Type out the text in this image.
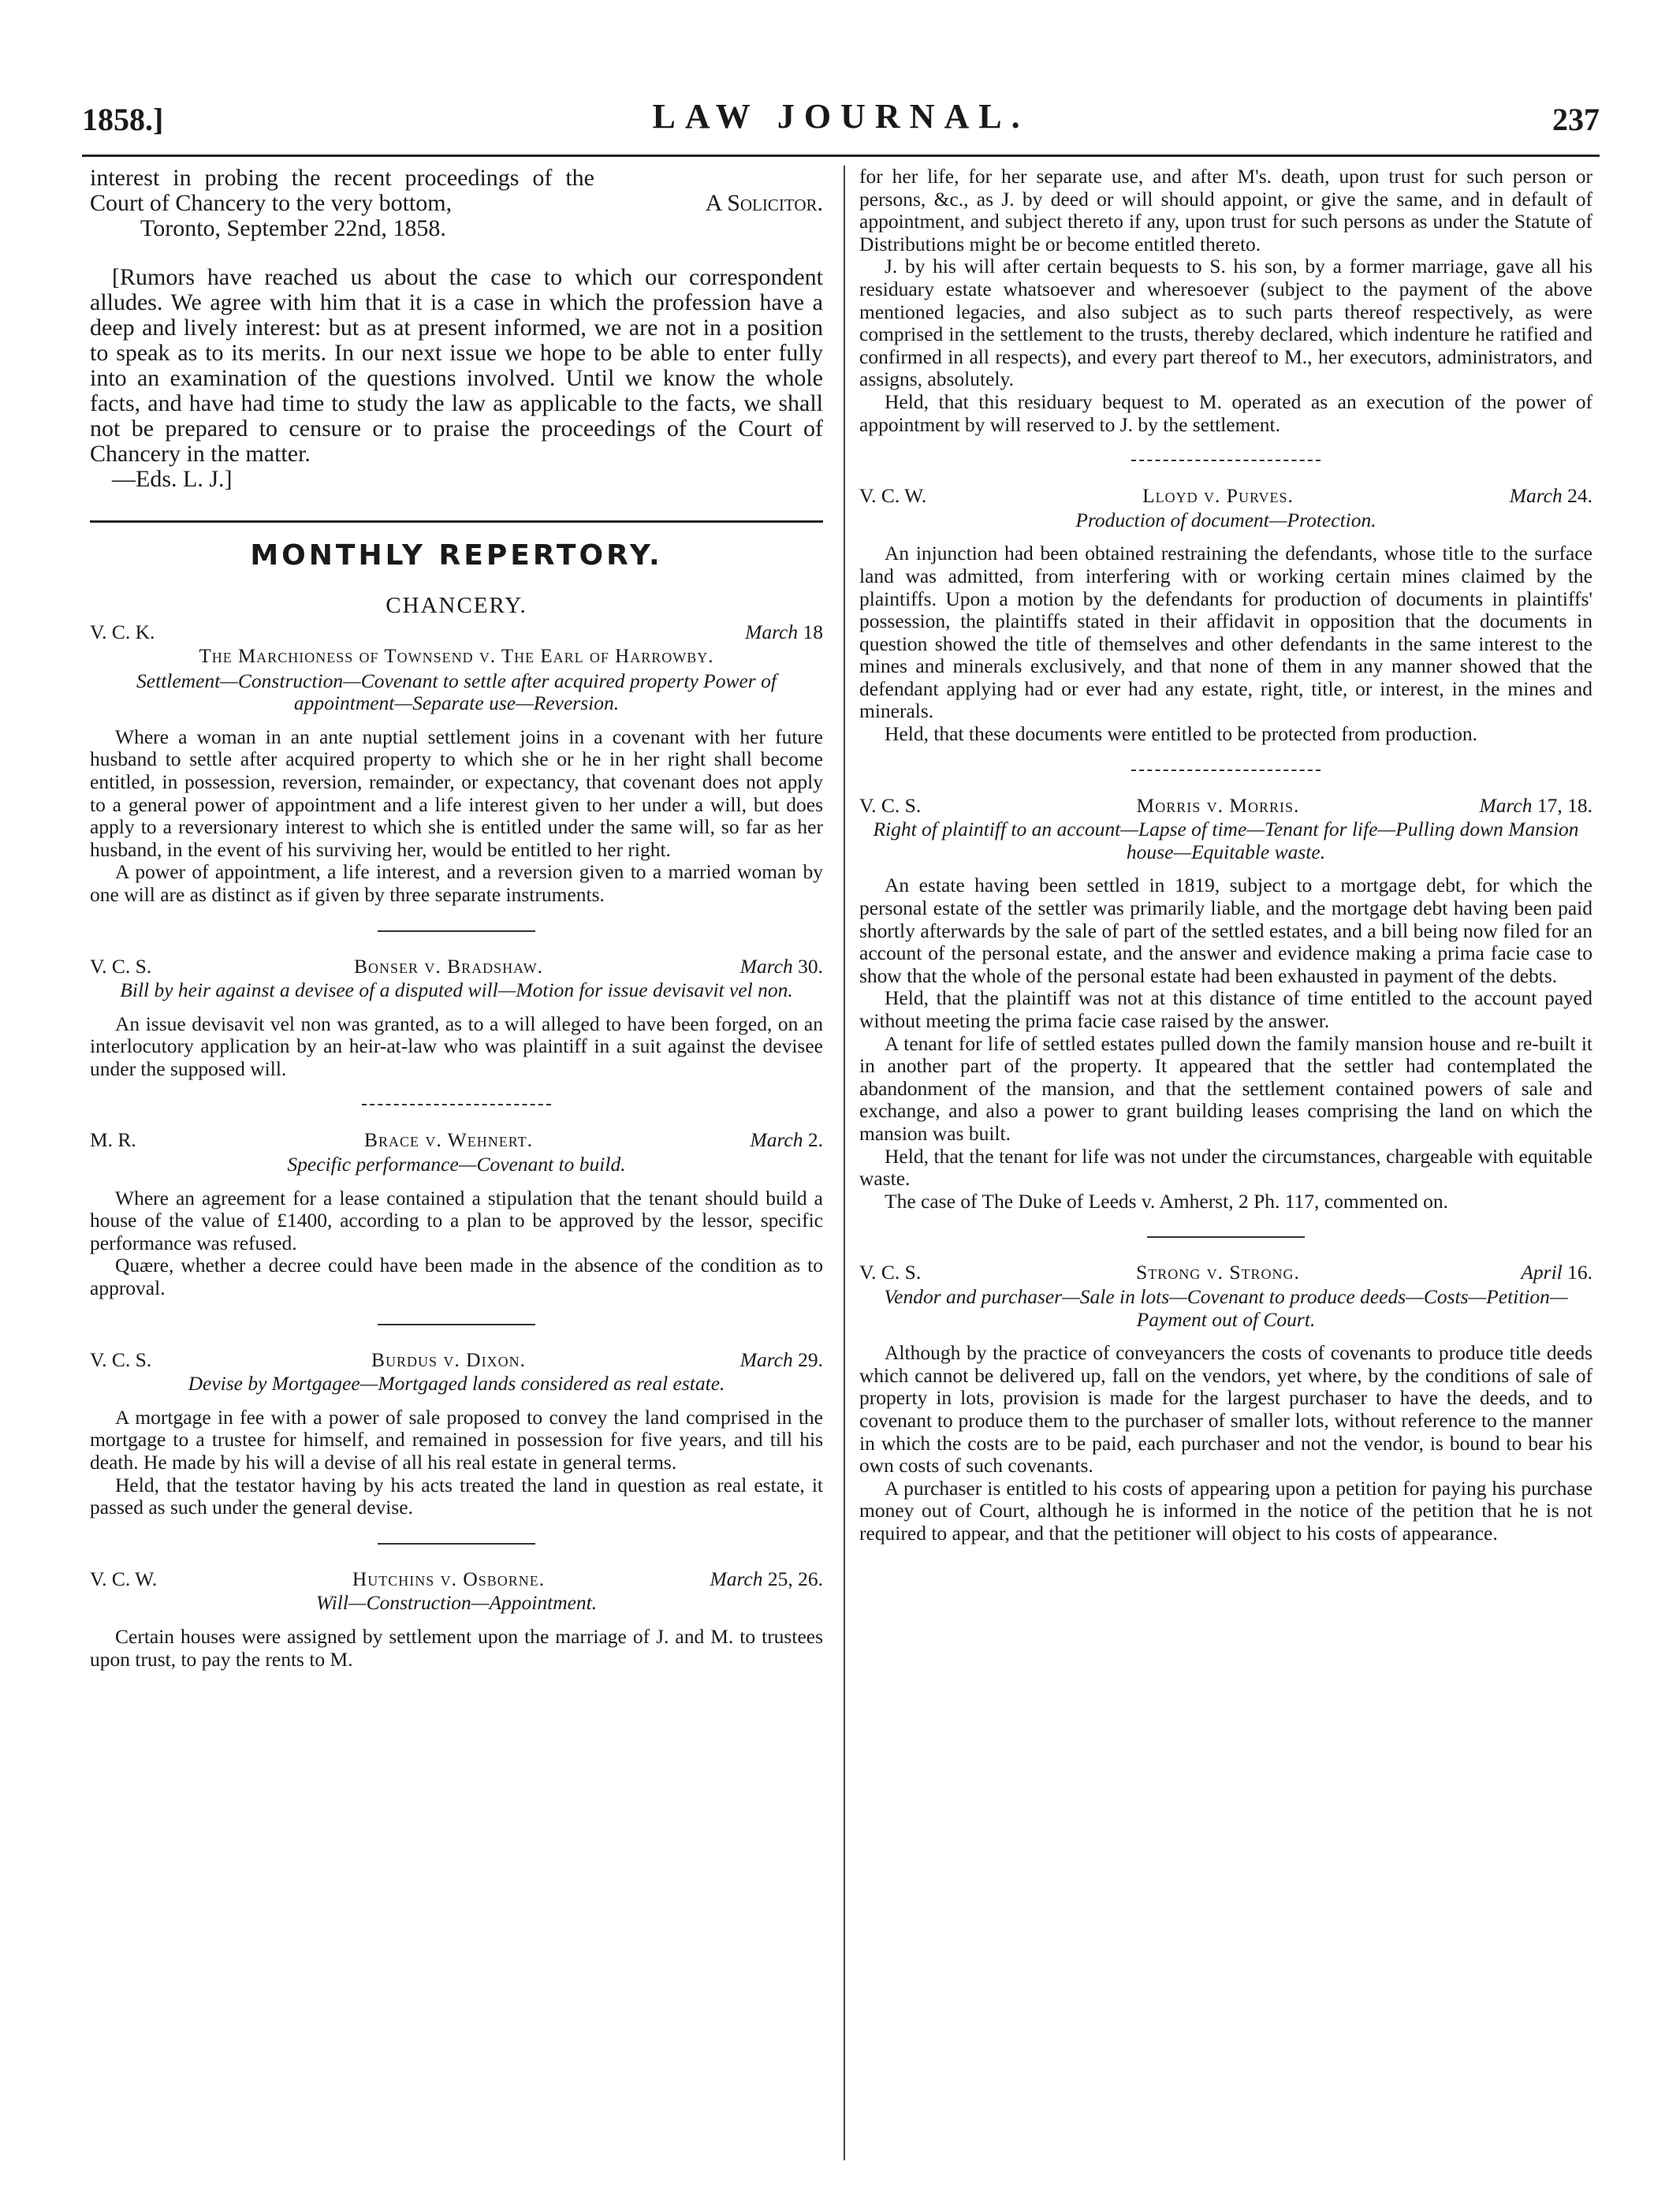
1858.]	LAW JOURNAL.	237
interest in probing the recent proceedings of the Court of Chancery to the very bottom,	A Solicitor.

Toronto, September 22nd, 1858.

[Rumors have reached us about the case to which our correspondent alludes. We agree with him that it is a case in which the profession have a deep and lively interest: but as at present informed, we are not in a position to speak as to its merits. In our next issue we hope to be able to enter fully into an examination of the questions involved. Until we know the whole facts, and have had time to study the law as applicable to the facts, we shall not be prepared to censure or to praise the proceedings of the Court of Chancery in the matter.

—Eds. L. J.]

MONTHLY REPERTORY.
CHANCERY.
V. C. K.	March 18
The Marchioness of Townsend v. The Earl of Harrowby.
Settlement—Construction—Covenant to settle after acquired property Power of appointment—Separate use—Reversion.

Where a woman in an ante nuptial settlement joins in a covenant with her future husband to settle after acquired property to which she or he in her right shall become entitled, in possession, reversion, remainder, or expectancy, that covenant does not apply to a general power of appointment and a life interest given to her under a will, but does apply to a reversionary interest to which she is entitled under the same will, so far as her husband, in the event of his surviving her, would be entitled to her right.

A power of appointment, a life interest, and a reversion given to a married woman by one will are as distinct as if given by three separate instruments.

V. C. S.	Bonser v. Bradshaw.	March 30.
Bill by heir against a devisee of a disputed will—Motion for issue devisavit vel non.

An issue devisavit vel non was granted, as to a will alleged to have been forged, on an interlocutory application by an heir-at-law who was plaintiff in a suit against the devisee under the supposed will.

M. R.	Brace v. Wehnert.	March 2.
Specific performance—Covenant to build.

Where an agreement for a lease contained a stipulation that the tenant should build a house of the value of £1400, according to a plan to be approved by the lessor, specific performance was refused.

Quære, whether a decree could have been made in the absence of the condition as to approval.

V. C. S.	Burdus v. Dixon.	March 29.
Devise by Mortgagee—Mortgaged lands considered as real estate.

A mortgage in fee with a power of sale proposed to convey the land comprised in the mortgage to a trustee for himself, and remained in possession for five years, and till his death. He made by his will a devise of all his real estate in general terms.

Held, that the testator having by his acts treated the land in question as real estate, it passed as such under the general devise.

V. C. W.	Hutchins v. Osborne.	March 25, 26.
Will—Construction—Appointment.

Certain houses were assigned by settlement upon the marriage of J. and M. to trustees upon trust, to pay the rents to M.

for her life, for her separate use, and after M's. death, upon trust for such person or persons, &c., as J. by deed or will should appoint, or give the same, and in default of appointment, and subject thereto if any, upon trust for such persons as under the Statute of Distributions might be or become entitled thereto.

J. by his will after certain bequests to S. his son, by a former marriage, gave all his residuary estate whatsoever and wheresoever (subject to the payment of the above mentioned legacies, and also subject as to such parts thereof respectively, as were comprised in the settlement to the trusts, thereby declared, which indenture he ratified and confirmed in all respects), and every part thereof to M., her executors, administrators, and assigns, absolutely.

Held, that this residuary bequest to M. operated as an execution of the power of appointment by will reserved to J. by the settlement.

V. C. W.	Lloyd v. Purves.	March 24.
Production of document—Protection.

An injunction had been obtained restraining the defendants, whose title to the surface land was admitted, from interfering with or working certain mines claimed by the plaintiffs. Upon a motion by the defendants for production of documents in plaintiffs' possession, the plaintiffs stated in their affidavit in opposition that the documents in question showed the title of themselves and other defendants in the same interest to the mines and minerals exclusively, and that none of them in any manner showed that the defendant applying had or ever had any estate, right, title, or interest, in the mines and minerals.

Held, that these documents were entitled to be protected from production.

V. C. S.	Morris v. Morris.	March 17, 18.
Right of plaintiff to an account—Lapse of time—Tenant for life—Pulling down Mansion house—Equitable waste.

An estate having been settled in 1819, subject to a mortgage debt, for which the personal estate of the settler was primarily liable, and the mortgage debt having been paid shortly afterwards by the sale of part of the settled estates, and a bill being now filed for an account of the personal estate, and the answer and evidence making a prima facie case to show that the whole of the personal estate had been exhausted in payment of the debts.

Held, that the plaintiff was not at this distance of time entitled to the account payed without meeting the prima facie case raised by the answer.

A tenant for life of settled estates pulled down the family mansion house and re-built it in another part of the property. It appeared that the settler had contemplated the abandonment of the mansion, and that the settlement contained powers of sale and exchange, and also a power to grant building leases comprising the land on which the mansion was built.

Held, that the tenant for life was not under the circumstances, chargeable with equitable waste.

The case of The Duke of Leeds v. Amherst, 2 Ph. 117, commented on.

V. C. S.	Strong v. Strong.	April 16.
Vendor and purchaser—Sale in lots—Covenant to produce deeds—Costs—Petition—Payment out of Court.

Although by the practice of conveyancers the costs of covenants to produce title deeds which cannot be delivered up, fall on the vendors, yet where, by the conditions of sale of property in lots, provision is made for the largest purchaser to have the deeds, and to covenant to produce them to the purchaser of smaller lots, without reference to the manner in which the costs are to be paid, each purchaser and not the vendor, is bound to bear his own costs of such covenants.

A purchaser is entitled to his costs of appearing upon a petition for paying his purchase money out of Court, although he is informed in the notice of the petition that he is not required to appear, and that the petitioner will object to his costs of appearance.
